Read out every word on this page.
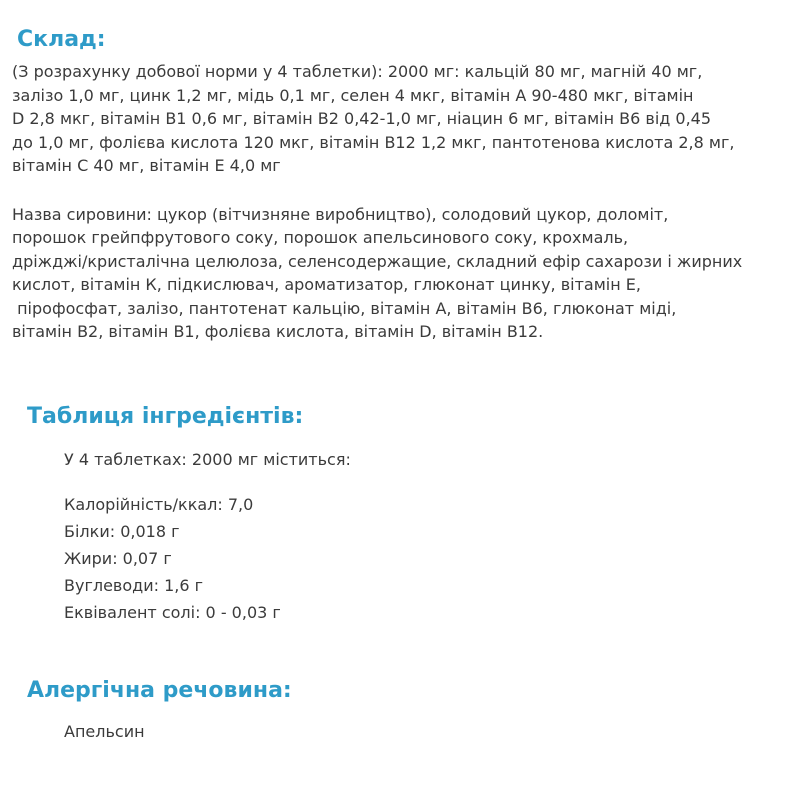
Склад:
(З розрахунку добової норми у 4 таблетки): 2000 мг: кальцій 80 мг, магній 40 мг,
залізо 1,0 мг, цинк 1,2 мг, мідь 0,1 мг, селен 4 мкг, вітамін А 90-480 мкг, вітамін
D 2,8 мкг, вітамін В1 0,6 мг, вітамін В2 0,42-1,0 мг, ніацин 6 мг, вітамін В6 від 0,45
до 1,0 мг, фолієва кислота 120 мкг, вітамін В12 1,2 мкг, пантотенова кислота 2,8 мг,
вітамін С 40 мг, вітамін Е 4,0 мг
Назва сировини: цукор (вітчизняне виробництво), солодовий цукор, доломіт,
порошок грейпфрутового соку, порошок апельсинового соку, крохмаль,
дріжджі/кристалічна целюлоза, селенсодержащие, складний ефір сахарози і жирних
кислот, вітамін К, підкислювач, ароматизатор, глюконат цинку, вітамін Е,
пірофосфат, залізо, пантотенат кальцію, вітамін А, вітамін В6, глюконат міді,
вітамін В2, вітамін В1, фолієва кислота, вітамін D, вітамін В12.
Таблиця інгредієнтів:
У 4 таблетках: 2000 мг міститься:
Калорійність/ккал: 7,0
Білки: 0,018 г
Жири: 0,07 г
Вуглеводи: 1,6 г
Еквівалент солі: 0 - 0,03 г
Алергічна речовина:
Апельсин
